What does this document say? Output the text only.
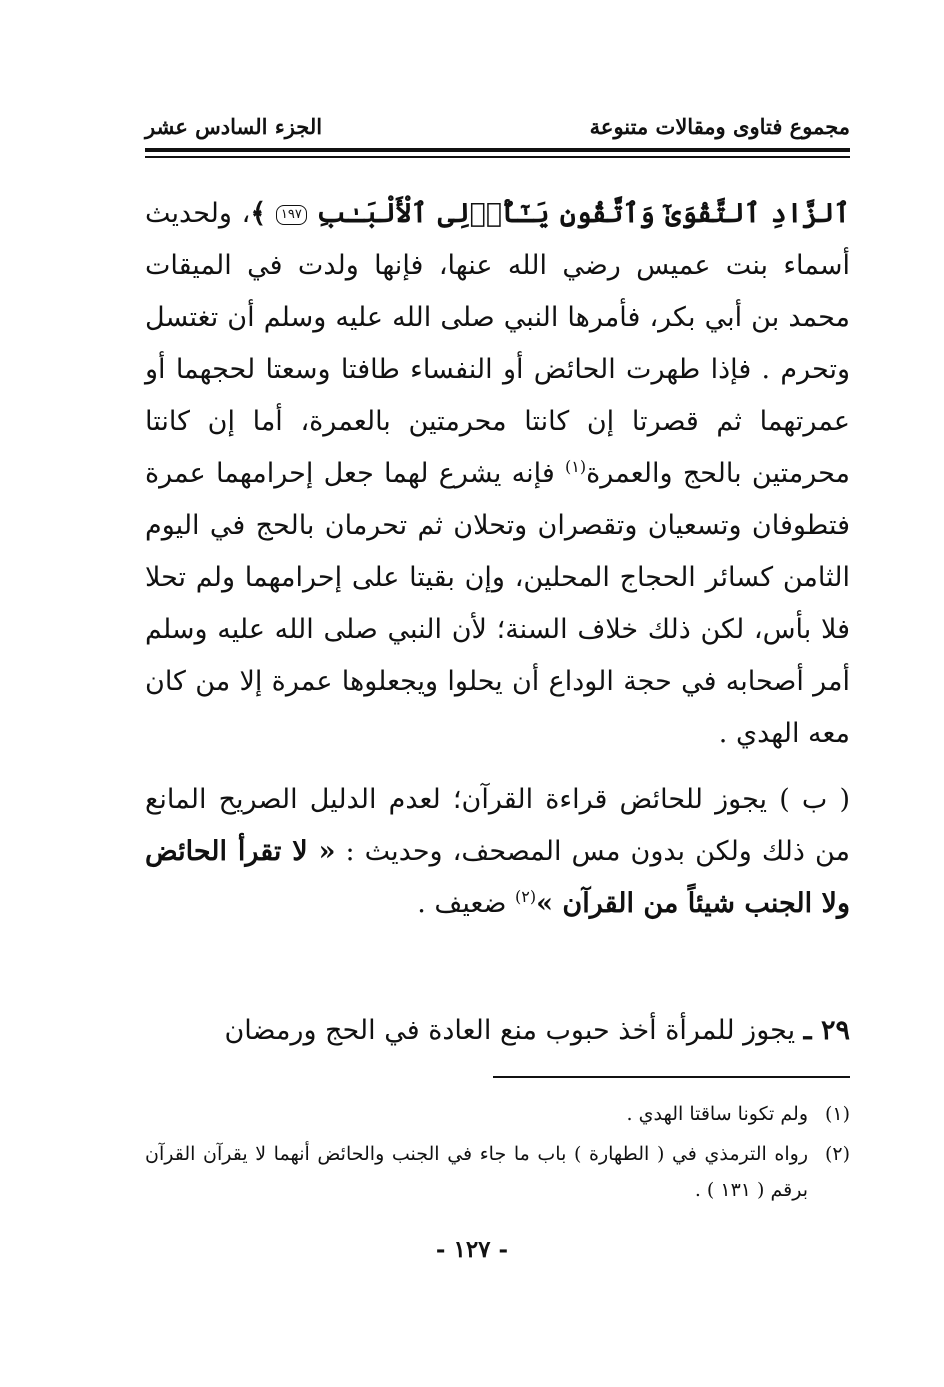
مجموع فتاوى ومقالات متنوعة
الجزء السادس عشر

ٱلزَّادِ ٱلتَّقْوَىٰٓ وَٱتَّقُونِ يَـٰٓأُو۟لِى ٱلْأَلْبَـٰبِ ١٩٧ ﴾، ولحديث أسماء بنت عميس رضي الله عنها، فإنها ولدت في الميقات محمد بن أبي بكر، فأمرها النبي صلى الله عليه وسلم أن تغتسل وتحرم . فإذا طهرت الحائض أو النفساء طافتا وسعتا لحجهما أو عمرتهما ثم قصرتا إن كانتا محرمتين بالعمرة، أما إن كانتا محرمتين بالحج والعمرة$^{(١)}$ فإنه يشرع لهما جعل إحرامهما عمرة فتطوفان وتسعيان وتقصران وتحلان ثم تحرمان بالحج في اليوم الثامن كسائر الحجاج المحلين، وإن بقيتا على إحرامهما ولم تحلا فلا بأس، لكن ذلك خلاف السنة؛ لأن النبي صلى الله عليه وسلم أمر أصحابه في حجة الوداع أن يحلوا ويجعلوها عمرة إلا من كان معه الهدي .

( ب ) يجوز للحائض قراءة القرآن؛ لعدم الدليل الصريح المانع من ذلك ولكن بدون مس المصحف، وحديث : « لا تقرأ الحائض ولا الجنب شيئاً من القرآن »$^{(٢)}$ ضعيف .

٢٩ ـ يجوز للمرأة أخذ حبوب منع العادة في الحج ورمضان
(١)
ولم تكونا ساقتا الهدي .
(٢)
رواه الترمذي في ( الطهارة ) باب ما جاء في الجنب والحائض أنهما لا يقرآن القرآن برقم ( ١٣١ ) .
- ١٢٧ -
